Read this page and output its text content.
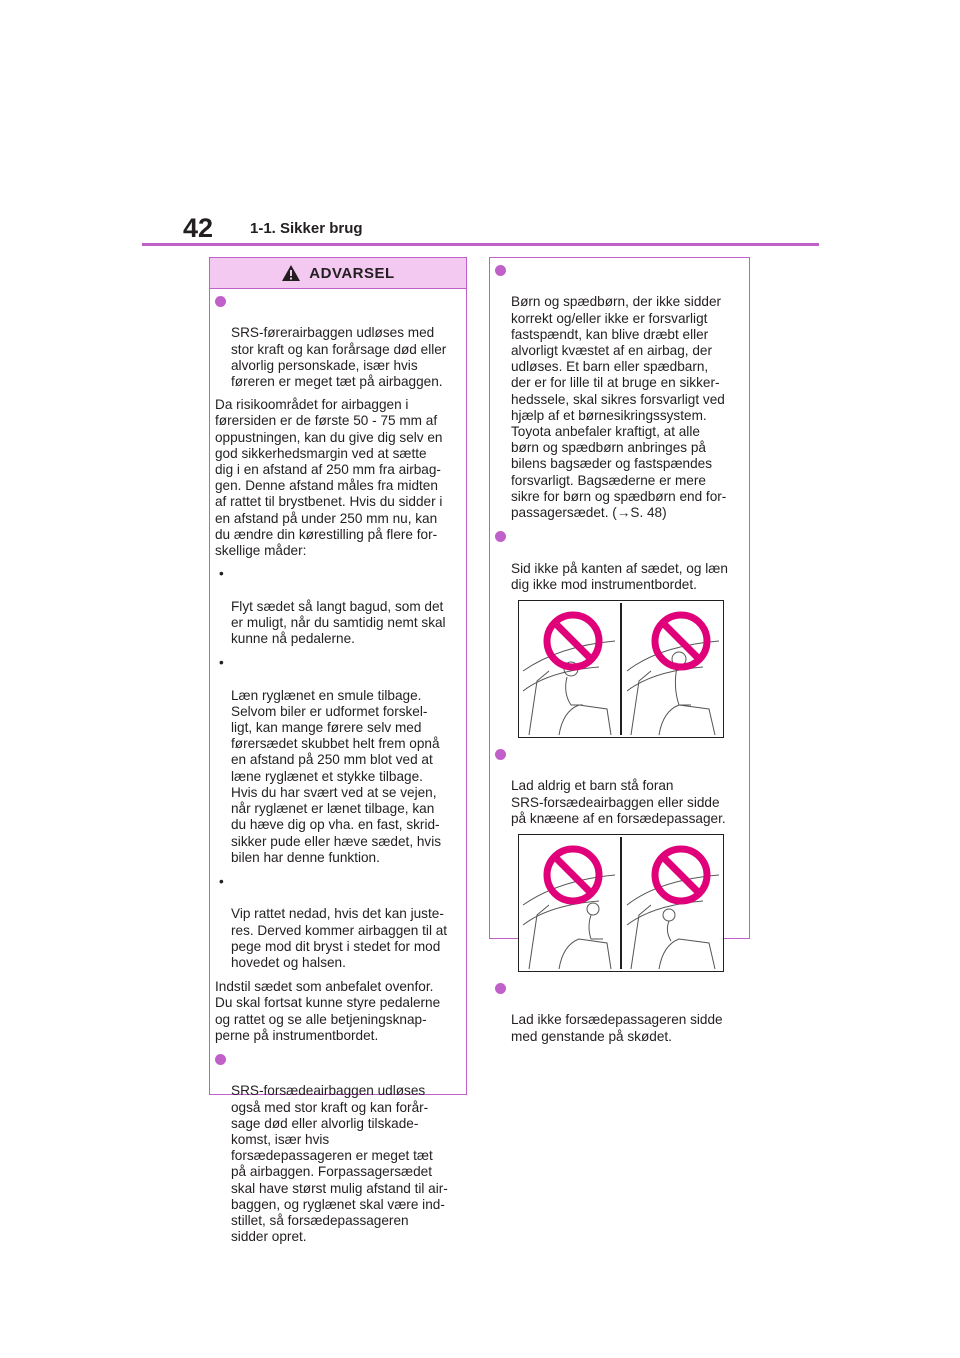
42 1-1. Sikker brug
ADVARSEL

SRS-førerairbaggen udløses med
stor kraft og kan forårsage død eller
alvorlig personskade, især hvis
føreren er meget tæt på airbaggen.

Da risikoområdet for airbaggen i
førersiden er de første 50 - 75 mm af
oppustningen, kan du give dig selv en
god sikkerhedsmargin ved at sætte
dig i en afstand af 250 mm fra airbag-
gen. Denne afstand måles fra midten
af rattet til brystbenet. Hvis du sidder i
en afstand på under 250 mm nu, kan
du ændre din kørestilling på flere for-
skellige måder:

•

Flyt sædet så langt bagud, som det
er muligt, når du samtidig nemt skal
kunne nå pedalerne.

•

Læn ryglænet en smule tilbage.
Selvom biler er udformet forskel-
ligt, kan mange førere selv med
førersædet skubbet helt frem opnå
en afstand på 250 mm blot ved at
læne ryglænet et stykke tilbage.
Hvis du har svært ved at se vejen,
når ryglænet er lænet tilbage, kan
du hæve dig op vha. en fast, skrid-
sikker pude eller hæve sædet, hvis
bilen har denne funktion.

•

Vip rattet nedad, hvis det kan juste-
res. Derved kommer airbaggen til at
pege mod dit bryst i stedet for mod
hovedet og halsen.

Indstil sædet som anbefalet ovenfor.
Du skal fortsat kunne styre pedalerne
og rattet og se alle betjeningsknap-
perne på instrumentbordet.

SRS-forsædeairbaggen udløses
også med stor kraft og kan forår-
sage død eller alvorlig tilskade-
komst, især hvis
forsædepassageren er meget tæt
på airbaggen. Forpassagersædet
skal have størst mulig afstand til air-
baggen, og ryglænet skal være ind-
stillet, så forsædepassageren
sidder opret.

Børn og spædbørn, der ikke sidder
korrekt og/eller ikke er forsvarligt
fastspændt, kan blive dræbt eller
alvorligt kvæstet af en airbag, der
udløses. Et barn eller spædbarn,
der er for lille til at bruge en sikker-
hedssele, skal sikres forsvarligt ved
hjælp af et børnesikringssystem.
Toyota anbefaler kraftigt, at alle
børn og spædbørn anbringes på
bilens bagsæder og fastspændes
forsvarligt. Bagsæderne er mere
sikre for børn og spædbørn end for-
passagersædet. (→S. 48)

Sid ikke på kanten af sædet, og læn
dig ikke mod instrumentbordet.

Lad aldrig et barn stå foran
SRS-forsædeairbaggen eller sidde
på knæene af en forsædepassager.

Lad ikke forsædepassageren sidde
med genstande på skødet.
